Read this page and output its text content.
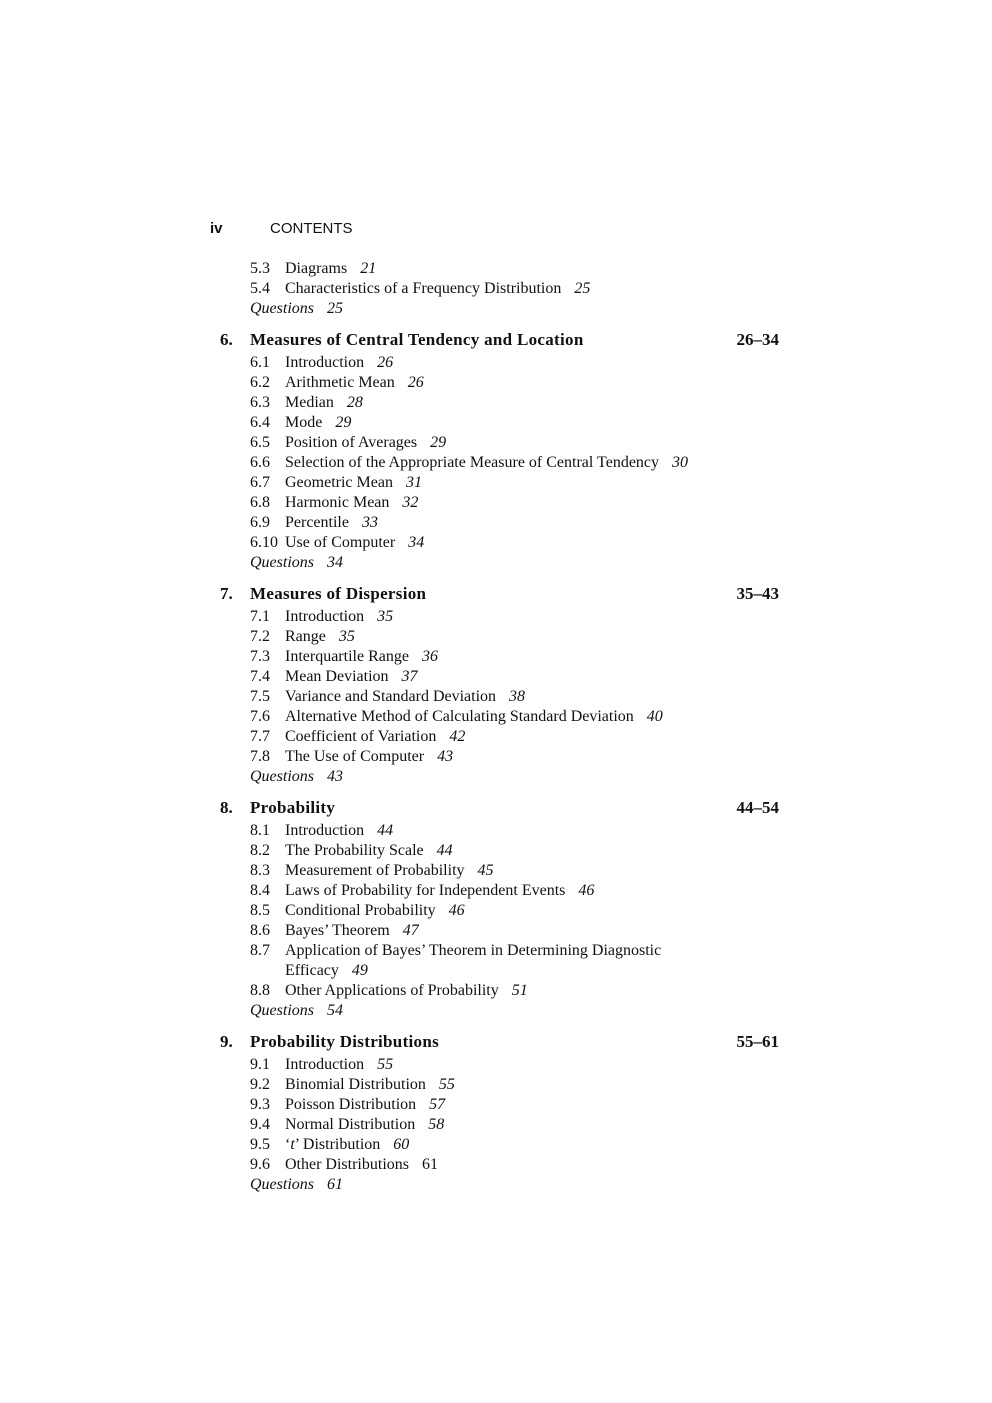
iv	CONTENTS
5.3 Diagrams 21
5.4 Characteristics of a Frequency Distribution 25
Questions 25
6. Measures of Central Tendency and Location	26–34
6.1 Introduction 26
6.2 Arithmetic Mean 26
6.3 Median 28
6.4 Mode 29
6.5 Position of Averages 29
6.6 Selection of the Appropriate Measure of Central Tendency 30
6.7 Geometric Mean 31
6.8 Harmonic Mean 32
6.9 Percentile 33
6.10 Use of Computer 34
Questions 34
7. Measures of Dispersion	35–43
7.1 Introduction 35
7.2 Range 35
7.3 Interquartile Range 36
7.4 Mean Deviation 37
7.5 Variance and Standard Deviation 38
7.6 Alternative Method of Calculating Standard Deviation 40
7.7 Coefficient of Variation 42
7.8 The Use of Computer 43
Questions 43
8. Probability	44–54
8.1 Introduction 44
8.2 The Probability Scale 44
8.3 Measurement of Probability 45
8.4 Laws of Probability for Independent Events 46
8.5 Conditional Probability 46
8.6 Bayes’ Theorem 47
8.7 Application of Bayes’ Theorem in Determining Diagnostic
Efficacy 49
8.8 Other Applications of Probability 51
Questions 54
9. Probability Distributions	55–61
9.1 Introduction 55
9.2 Binomial Distribution 55
9.3 Poisson Distribution 57
9.4 Normal Distribution 58
9.5 ‘t’ Distribution 60
9.6 Other Distributions 61
Questions 61
